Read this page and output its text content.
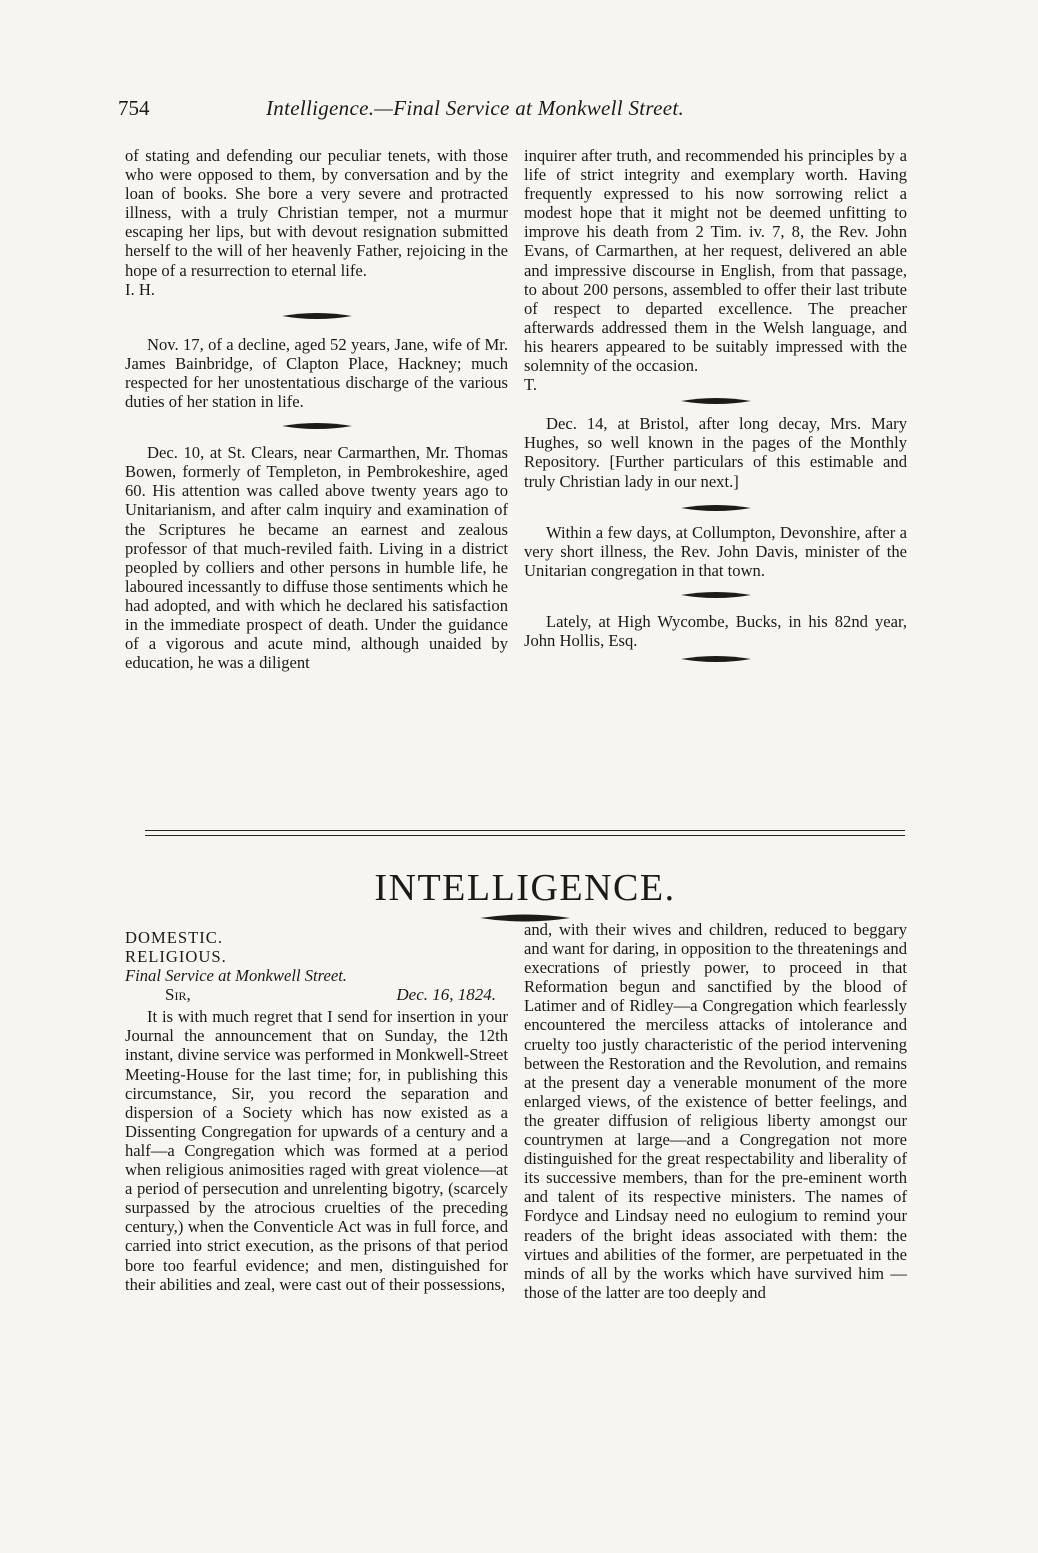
754	Intelligence.—Final Service at Monkwell Street.

of stating and defending our peculiar tenets, with those who were opposed to them, by conversation and by the loan of books. She bore a very severe and protracted illness, with a truly Christian temper, not a murmur escaping her lips, but with devout resignation submitted herself to the will of her heavenly Father, rejoicing in the hope of a resurrection to eternal life.

I. H.

Nov. 17, of a decline, aged 52 years, Jane, wife of Mr. James Bainbridge, of Clapton Place, Hackney; much respected for her unostentatious discharge of the various duties of her station in life.

Dec. 10, at St. Clears, near Carmarthen, Mr. Thomas Bowen, formerly of Templeton, in Pembrokeshire, aged 60. His attention was called above twenty years ago to Unitarianism, and after calm inquiry and examination of the Scriptures he became an earnest and zealous professor of that much-reviled faith. Living in a district peopled by colliers and other persons in humble life, he laboured incessantly to diffuse those sentiments which he had adopted, and with which he declared his satisfaction in the immediate prospect of death. Under the guidance of a vigorous and acute mind, although unaided by education, he was a diligent

inquirer after truth, and recommended his principles by a life of strict integrity and exemplary worth. Having frequently expressed to his now sorrowing relict a modest hope that it might not be deemed unfitting to improve his death from 2 Tim. iv. 7, 8, the Rev. John Evans, of Carmarthen, at her request, delivered an able and impressive discourse in English, from that passage, to about 200 persons, assembled to offer their last tribute of respect to departed excellence. The preacher afterwards addressed them in the Welsh language, and his hearers appeared to be suitably impressed with the solemnity of the occasion.

T.

Dec. 14, at Bristol, after long decay, Mrs. Mary Hughes, so well known in the pages of the Monthly Repository. [Further particulars of this estimable and truly Christian lady in our next.]

Within a few days, at Collumpton, Devonshire, after a very short illness, the Rev. John Davis, minister of the Unitarian congregation in that town.

Lately, at High Wycombe, Bucks, in his 82nd year, John Hollis, Esq.

INTELLIGENCE.

DOMESTIC.

RELIGIOUS.

Final Service at Monkwell Street.

Sir,	Dec. 16, 1824.

It is with much regret that I send for insertion in your Journal the announcement that on Sunday, the 12th instant, divine service was performed in Monkwell-Street Meeting-House for the last time; for, in publishing this circumstance, Sir, you record the separation and dispersion of a Society which has now existed as a Dissenting Congregation for upwards of a century and a half—a Congregation which was formed at a period when religious animosities raged with great violence—at a period of persecution and unrelenting bigotry, (scarcely surpassed by the atrocious cruelties of the preceding century,) when the Conventicle Act was in full force, and carried into strict execution, as the prisons of that period bore too fearful evidence; and men, distinguished for their abilities and zeal, were cast out of their possessions,

and, with their wives and children, reduced to beggary and want for daring, in opposition to the threatenings and execrations of priestly power, to proceed in that Reformation begun and sanctified by the blood of Latimer and of Ridley—a Congregation which fearlessly encountered the merciless attacks of intolerance and cruelty too justly characteristic of the period intervening between the Restoration and the Revolution, and remains at the present day a venerable monument of the more enlarged views, of the existence of better feelings, and the greater diffusion of religious liberty amongst our countrymen at large—and a Congregation not more distinguished for the great respectability and liberality of its successive members, than for the pre-eminent worth and talent of its respective ministers. The names of Fordyce and Lindsay need no eulogium to remind your readers of the bright ideas associated with them: the virtues and abilities of the former, are perpetuated in the minds of all by the works which have survived him —those of the latter are too deeply and
